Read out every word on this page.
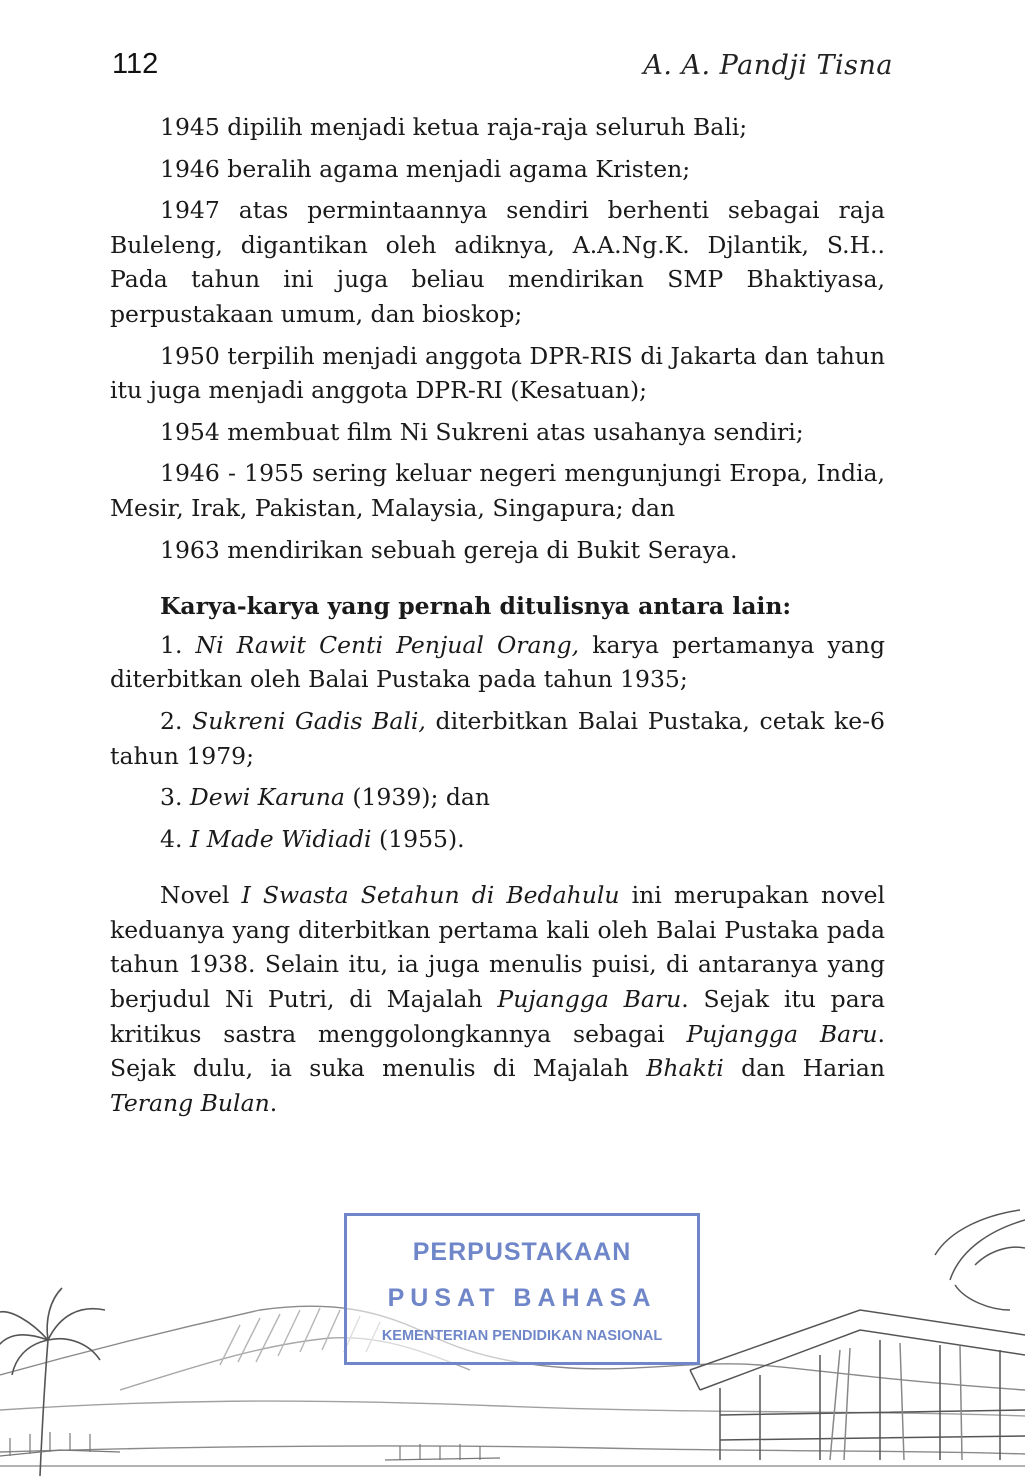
112	A. A. Pandji Tisna

1945 dipilih menjadi ketua raja-raja seluruh Bali;

1946 beralih agama menjadi agama Kristen;

1947 atas permintaannya sendiri berhenti sebagai raja Buleleng, digantikan oleh adiknya, A.A.Ng.K. Djlantik, S.H.. Pada tahun ini juga beliau mendirikan SMP Bhaktiyasa, perpustakaan umum, dan bioskop;

1950 terpilih menjadi anggota DPR-RIS di Jakarta dan tahun itu juga menjadi anggota DPR-RI (Kesatuan);

1954 membuat film Ni Sukreni atas usahanya sendiri;

1946 - 1955 sering keluar negeri mengunjungi Eropa, India, Mesir, Irak, Pakistan, Malaysia, Singapura; dan

1963 mendirikan sebuah gereja di Bukit Seraya.

Karya-karya yang pernah ditulisnya antara lain:

1. Ni Rawit Centi Penjual Orang, karya pertamanya yang diterbitkan oleh Balai Pustaka pada tahun 1935;

2. Sukreni Gadis Bali, diterbitkan Balai Pustaka, cetak ke-6 tahun 1979;

3. Dewi Karuna (1939); dan

4. I Made Widiadi (1955).

Novel I Swasta Setahun di Bedahulu ini merupakan novel keduanya yang diterbitkan pertama kali oleh Balai Pustaka pada tahun 1938. Selain itu, ia juga menulis puisi, di antaranya yang berjudul Ni Putri, di Majalah Pujangga Baru. Sejak itu para kritikus sastra menggolongkannya sebagai Pujangga Baru. Sejak dulu, ia suka menulis di Majalah Bhakti dan Harian Terang Bulan.

PERPUSTAKAAN
PUSAT BAHASA
KEMENTERIAN PENDIDIKAN NASIONAL
